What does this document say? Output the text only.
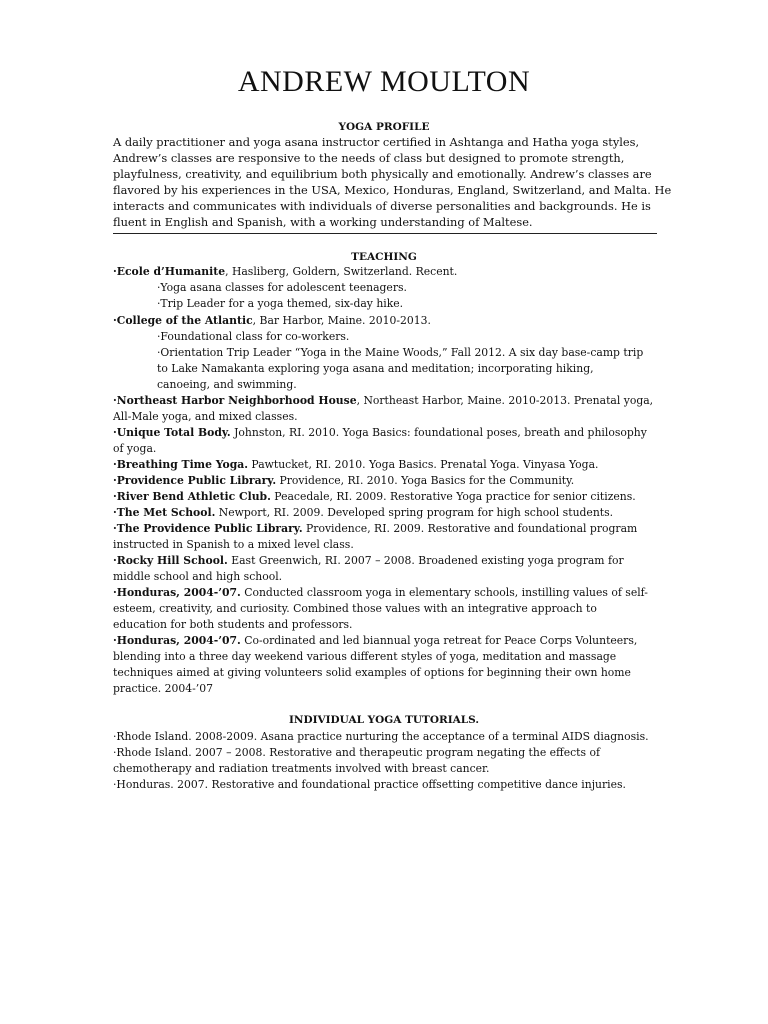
ANDREW MOULTON
YOGA PROFILE
A daily practitioner and yoga asana instructor certified in Ashtanga and Hatha yoga styles,
Andrew’s classes are responsive to the needs of class but designed to promote strength,
playfulness, creativity, and equilibrium both physically and emotionally. Andrew’s classes are
flavored by his experiences in the USA, Mexico, Honduras, England, Switzerland, and Malta. He
interacts and communicates with individuals of diverse personalities and backgrounds. He is
fluent in English and Spanish, with a working understanding of Maltese.
TEACHING
·Ecole d’Humanite, Hasliberg, Goldern, Switzerland. Recent.
·Yoga asana classes for adolescent teenagers.
·Trip Leader for a yoga themed, six-day hike.
·College of the Atlantic, Bar Harbor, Maine. 2010-2013.
·Foundational class for co-workers.
·Orientation Trip Leader “Yoga in the Maine Woods,” Fall 2012. A six day base-camp trip
to Lake Namakanta exploring yoga asana and meditation; incorporating hiking,
canoeing, and swimming.
·Northeast Harbor Neighborhood House, Northeast Harbor, Maine. 2010-2013. Prenatal yoga,
All-Male yoga, and mixed classes.
·Unique Total Body. Johnston, RI. 2010. Yoga Basics: foundational poses, breath and philosophy
of yoga.
·Breathing Time Yoga. Pawtucket, RI. 2010. Yoga Basics. Prenatal Yoga. Vinyasa Yoga.
·Providence Public Library. Providence, RI. 2010. Yoga Basics for the Community.
·River Bend Athletic Club. Peacedale, RI. 2009. Restorative Yoga practice for senior citizens.
·The Met School. Newport, RI. 2009. Developed spring program for high school students.
·The Providence Public Library. Providence, RI. 2009. Restorative and foundational program
instructed in Spanish to a mixed level class.
·Rocky Hill School. East Greenwich, RI. 2007 – 2008. Broadened existing yoga program for
middle school and high school.
·Honduras, 2004-’07. Conducted classroom yoga in elementary schools, instilling values of self-
esteem, creativity, and curiosity. Combined those values with an integrative approach to
education for both students and professors.
·Honduras, 2004-’07. Co-ordinated and led biannual yoga retreat for Peace Corps Volunteers,
blending into a three day weekend various different styles of yoga, meditation and massage
techniques aimed at giving volunteers solid examples of options for beginning their own home
practice. 2004-’07
INDIVIDUAL YOGA TUTORIALS.
·Rhode Island. 2008-2009. Asana practice nurturing the acceptance of a terminal AIDS diagnosis.
·Rhode Island. 2007 – 2008. Restorative and therapeutic program negating the effects of
chemotherapy and radiation treatments involved with breast cancer.
·Honduras. 2007. Restorative and foundational practice offsetting competitive dance injuries.
